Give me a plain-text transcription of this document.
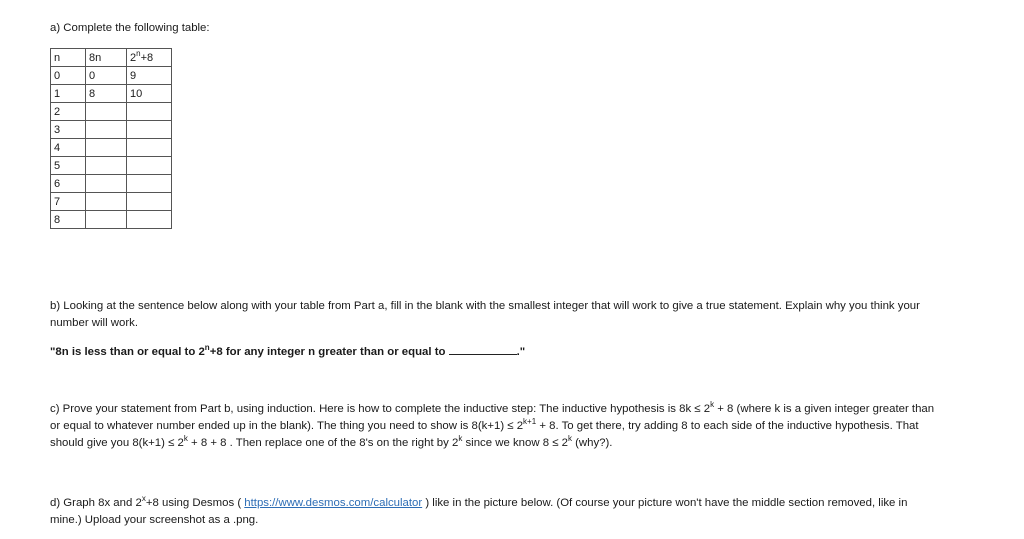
a) Complete the following table:
n	8n	$2^n+8$
0	0	9
1	8	10
2		
3		
4		
5		
6		
7		
8		
b) Looking at the sentence below along with your table from Part a, fill in the blank with the smallest integer that will work to give a true statement. Explain why you think your
number will work.
"8n is less than or equal to $2^n+8$ for any integer n greater than or equal to	."
c) Prove your statement from Part b, using induction. Here is how to complete the inductive step: The inductive hypothesis is $8k \le 2^k + 8$ (where k is a given integer greater than
or equal to whatever number ended up in the blank). The thing you need to show is $8(k+1) \le 2^{k+1} + 8$. To get there, try adding 8 to each side of the inductive hypothesis. That
should give you $8(k+1) \le 2^k + 8 + 8$ . Then replace one of the 8's on the right by 2$^k$ since we know $8 \le 2^k$ (why?).
d) Graph 8x and $2^x+8$ using Desmos ( https://www.desmos.com/calculator ) like in the picture below. (Of course your picture won't have the middle section removed, like in
mine.) Upload your screenshot as a .png.
